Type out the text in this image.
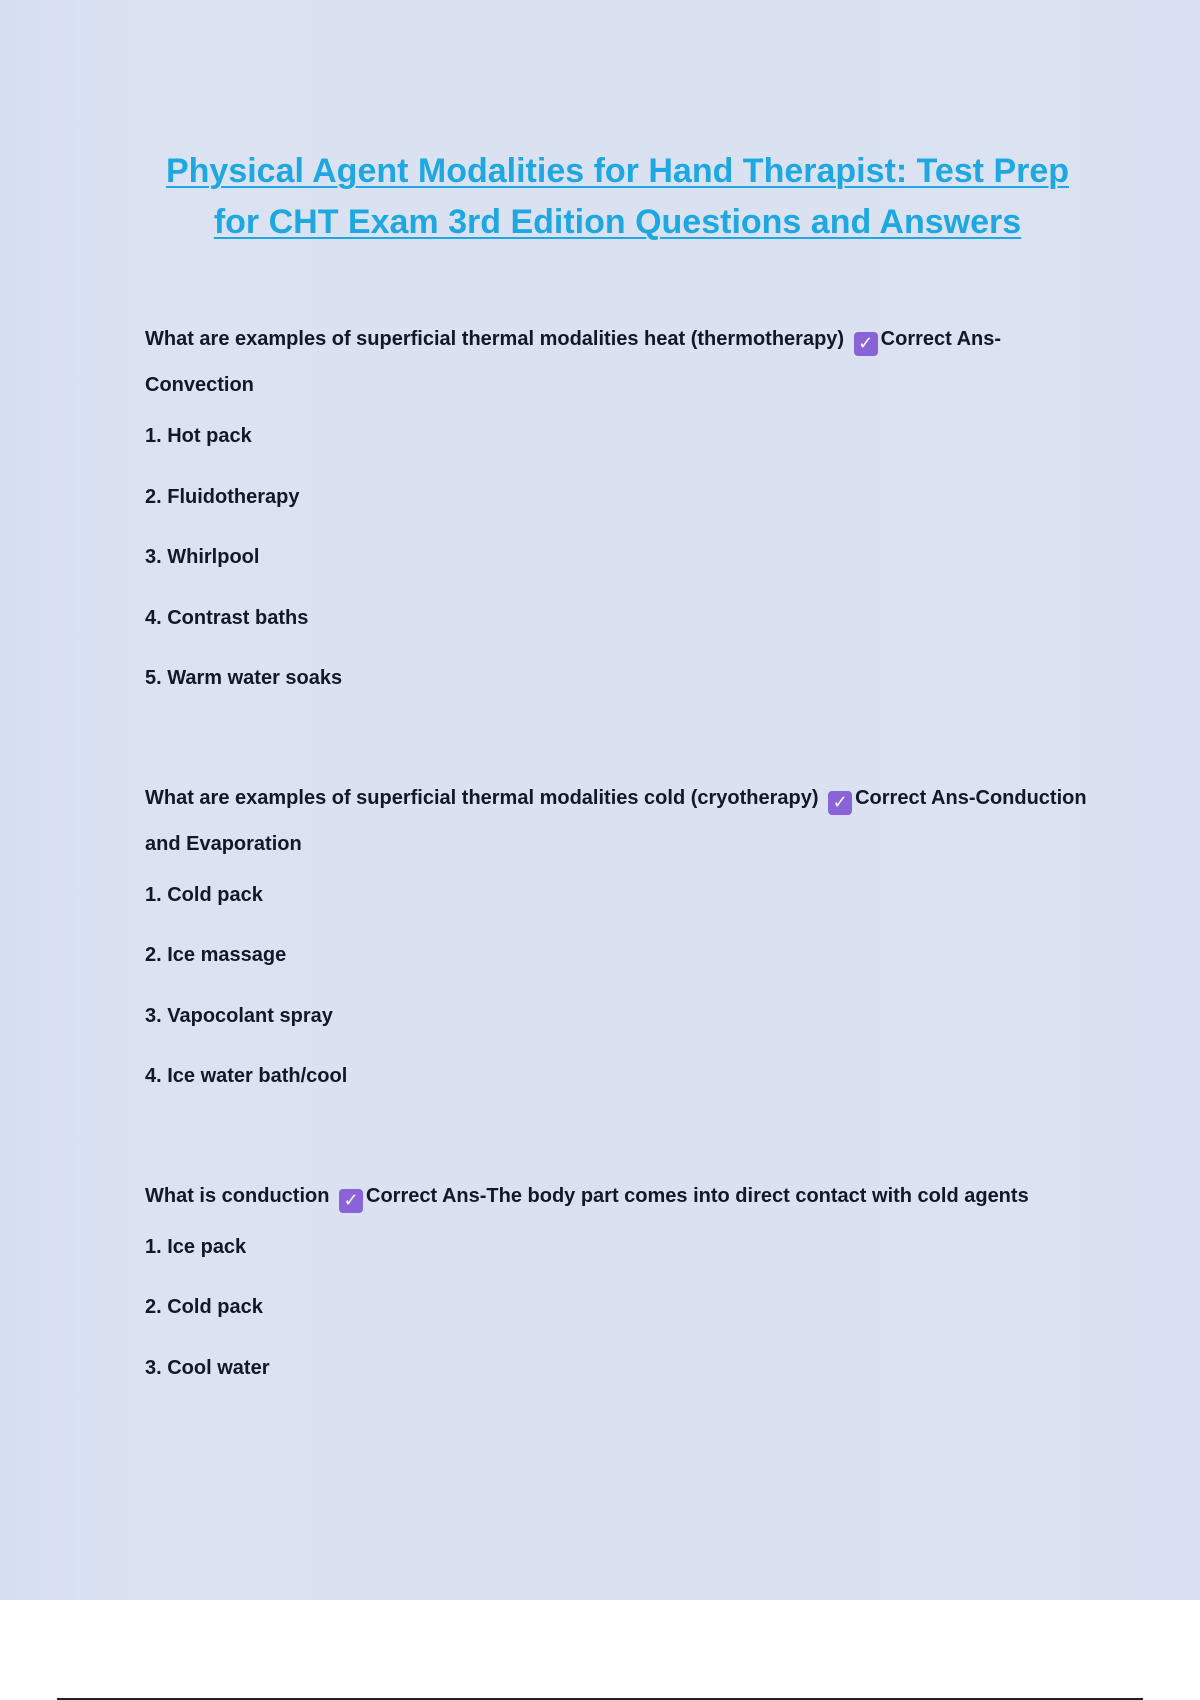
Physical Agent Modalities for Hand Therapist: Test Prep
for CHT Exam 3rd Edition Questions and Answers
What are examples of superficial thermal modalities heat (thermotherapy) ✓ Correct Ans-Convection
1. Hot pack
2. Fluidotherapy
3. Whirlpool
4. Contrast baths
5. Warm water soaks
What are examples of superficial thermal modalities cold (cryotherapy) ✓ Correct Ans-Conduction and Evaporation
1. Cold pack
2. Ice massage
3. Vapocolant spray
4. Ice water bath/cool
What is conduction ✓ Correct Ans-The body part comes into direct contact with cold agents
1. Ice pack
2. Cold pack
3. Cool water
